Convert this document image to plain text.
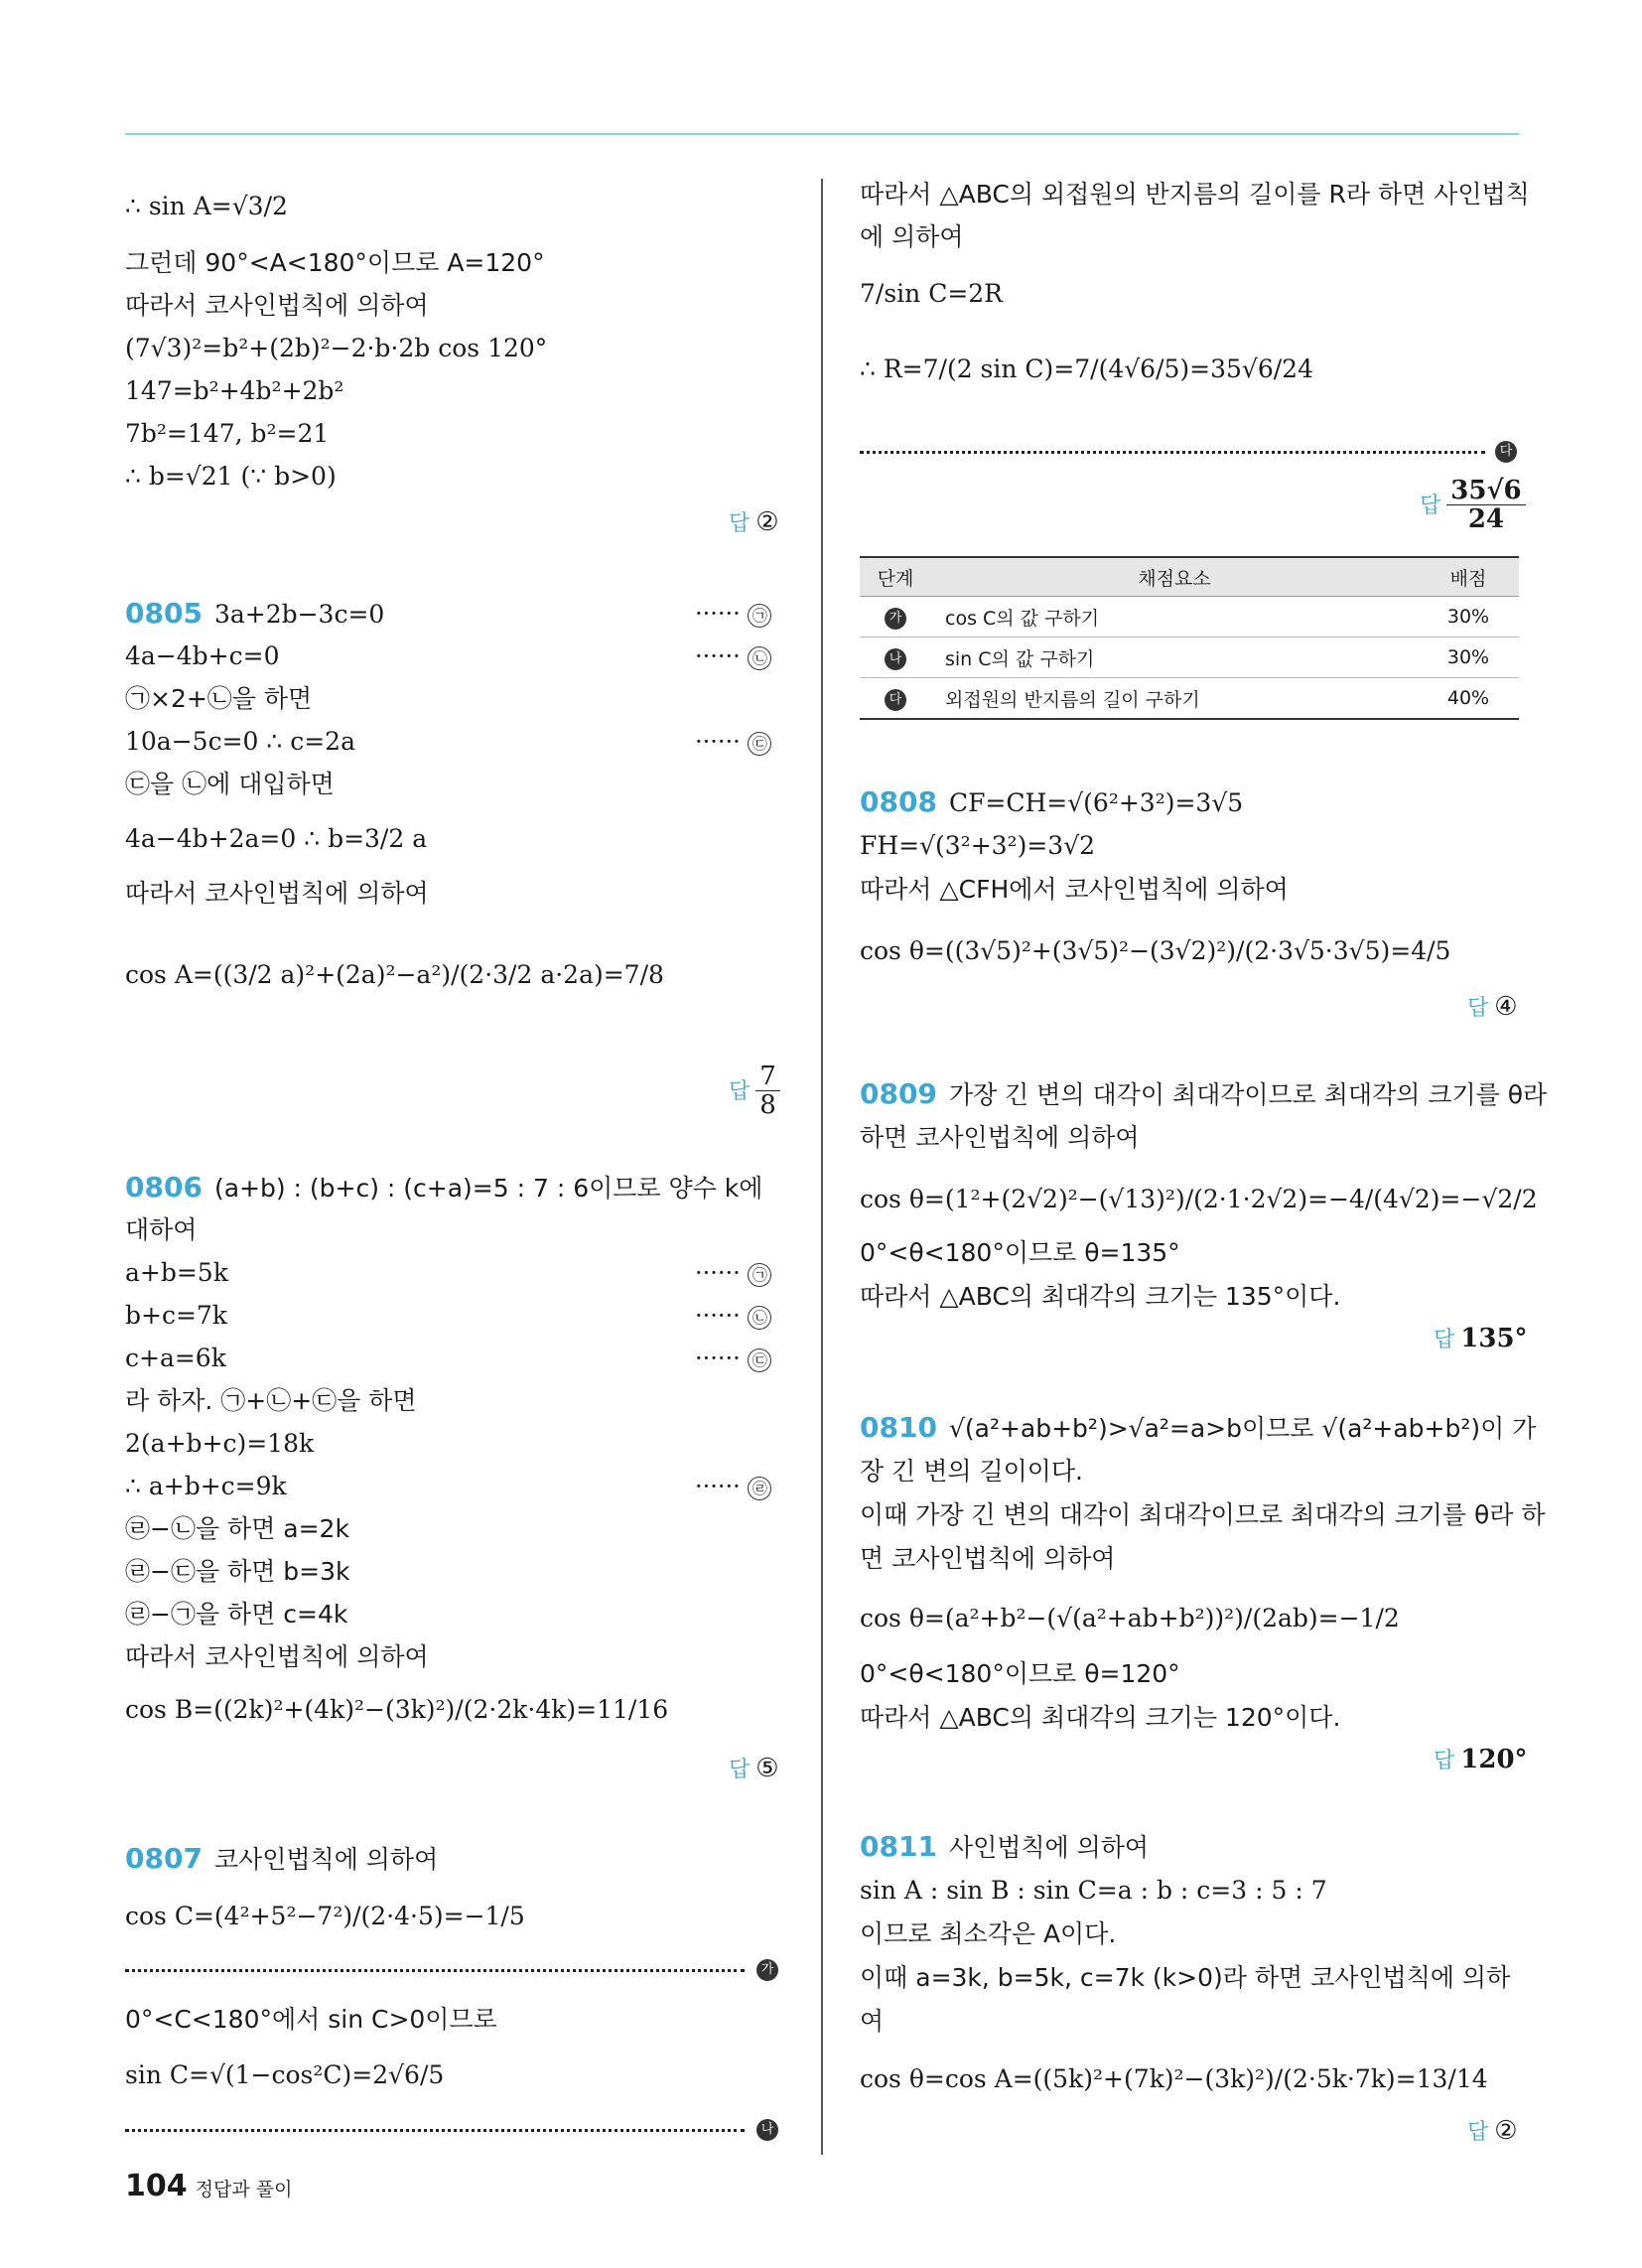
∴ sin A=√3/2
그런데 90°<A<180°이므로 A=120°
따라서 코사인법칙에 의하여
(7√3)²=b²+(2b)²−2·b·2b cos 120°
147=b²+4b²+2b²
7b²=147, b²=21
∴ b=√21 (∵ b>0)
답 ②
0805 3a+2b−3c=0	······ ㉠
4a−4b+c=0	······ ㉡
㉠×2+㉡을 하면
10a−5c=0 ∴ c=2a	······ ㉢
㉢을 ㉡에 대입하면
4a−4b+2a=0 ∴ b=3/2 a
따라서 코사인법칙에 의하여
cos A=((3/2 a)²+(2a)²−a²)/(2·3/2 a·2a)=7/8
답 $\frac{7}{8}$
0806 (a+b) : (b+c) : (c+a)=5 : 7 : 6이므로 양수 k에
대하여
a+b=5k	······ ㉠
b+c=7k	······ ㉡
c+a=6k	······ ㉢
라 하자. ㉠+㉡+㉢을 하면
2(a+b+c)=18k
∴ a+b+c=9k	······ ㉣
㉣−㉡을 하면 a=2k
㉣−㉢을 하면 b=3k
㉣−㉠을 하면 c=4k
따라서 코사인법칙에 의하여
cos B=((2k)²+(4k)²−(3k)²)/(2·2k·4k)=11/16
답 ⑤
0807 코사인법칙에 의하여
cos C=(4²+5²−7²)/(2·4·5)=−1/5
가
0°<C<180°에서 sin C>0이므로
sin C=√(1−cos²C)=2√6/5
나
따라서 △ABC의 외접원의 반지름의 길이를 R라 하면 사인법칙
에 의하여
7/sin C=2R
∴ R=7/(2 sin C)=7/(4√6/5)=35√6/24
다
답 $\frac{35√6}{24}$
단계	채점요소	배점
가	cos C의 값 구하기	30%
나	sin C의 값 구하기	30%
다	외접원의 반지름의 길이 구하기	40%
0808 CF=CH=√(6²+3²)=3√5
FH=√(3²+3²)=3√2
따라서 △CFH에서 코사인법칙에 의하여
cos θ=((3√5)²+(3√5)²−(3√2)²)/(2·3√5·3√5)=4/5
답 ④
0809 가장 긴 변의 대각이 최대각이므로 최대각의 크기를 θ라
하면 코사인법칙에 의하여
cos θ=(1²+(2√2)²−(√13)²)/(2·1·2√2)=−4/(4√2)=−√2/2
0°<θ<180°이므로 θ=135°
따라서 △ABC의 최대각의 크기는 135°이다.
답 135°
0810 √(a²+ab+b²)>√a²=a>b이므로 √(a²+ab+b²)이 가
장 긴 변의 길이이다.
이때 가장 긴 변의 대각이 최대각이므로 최대각의 크기를 θ라 하
면 코사인법칙에 의하여
cos θ=(a²+b²−(√(a²+ab+b²))²)/(2ab)=−1/2
0°<θ<180°이므로 θ=120°
따라서 △ABC의 최대각의 크기는 120°이다.
답 120°
0811 사인법칙에 의하여
sin A : sin B : sin C=a : b : c=3 : 5 : 7
이므로 최소각은 A이다.
이때 a=3k, b=5k, c=7k (k>0)라 하면 코사인법칙에 의하
여
cos θ=cos A=((5k)²+(7k)²−(3k)²)/(2·5k·7k)=13/14
답 ②
104 정답과 풀이
